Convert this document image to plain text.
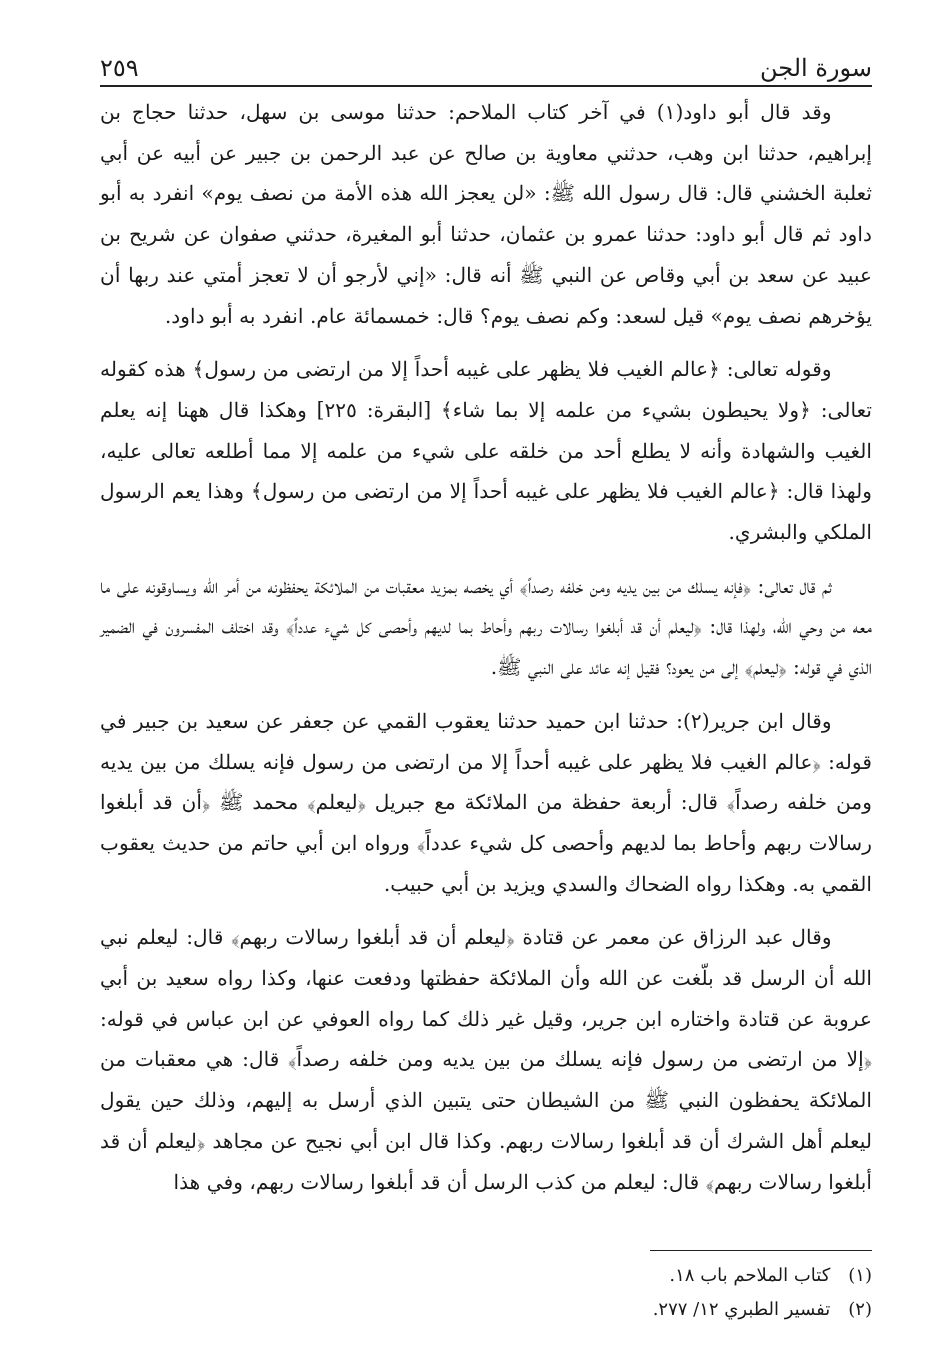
سورة الجن
٢٥٩

وقد قال أبو داود(١) في آخر كتاب الملاحم: حدثنا موسى بن سهل، حدثنا حجاج بن إبراهيم، حدثنا ابن وهب، حدثني معاوية بن صالح عن عبد الرحمن بن جبير عن أبيه عن أبي ثعلبة الخشني قال: قال رسول الله ﷺ: «لن يعجز الله هذه الأمة من نصف يوم» انفرد به أبو داود ثم قال أبو داود: حدثنا عمرو بن عثمان، حدثنا أبو المغيرة، حدثني صفوان عن شريح بن عبيد عن سعد بن أبي وقاص عن النبي ﷺ أنه قال: «إني لأرجو أن لا تعجز أمتي عند ربها أن يؤخرهم نصف يوم» قيل لسعد: وكم نصف يوم؟ قال: خمسمائة عام. انفرد به أبو داود.

وقوله تعالى: ﴿عالم الغيب فلا يظهر على غيبه أحداً إلا من ارتضى من رسول﴾ هذه كقوله تعالى: ﴿ولا يحيطون بشيء من علمه إلا بما شاء﴾ [البقرة: ٢٢٥] وهكذا قال ههنا إنه يعلم الغيب والشهادة وأنه لا يطلع أحد من خلقه على شيء من علمه إلا مما أطلعه تعالى عليه، ولهذا قال: ﴿عالم الغيب فلا يظهر على غيبه أحداً إلا من ارتضى من رسول﴾ وهذا يعم الرسول الملكي والبشري.

ثم قال تعالى: ﴿فإنه يسلك من بين يديه ومن خلفه رصداً﴾ أي يخصه بمزيد معقبات من الملائكة يحفظونه من أمر الله ويساوقونه على ما معه من وحي الله، ولهذا قال: ﴿ليعلم أن قد أبلغوا رسالات ربهم وأحاط بما لديهم وأحصى كل شيء عدداً﴾ وقد اختلف المفسرون في الضمير الذي في قوله: ﴿ليعلم﴾ إلى من يعود؟ فقيل إنه عائد على النبي ﷺ.

وقال ابن جرير(٢): حدثنا ابن حميد حدثنا يعقوب القمي عن جعفر عن سعيد بن جبير في قوله: ﴿عالم الغيب فلا يظهر على غيبه أحداً إلا من ارتضى من رسول فإنه يسلك من بين يديه ومن خلفه رصداً﴾ قال: أربعة حفظة من الملائكة مع جبريل ﴿ليعلم﴾ محمد ﷺ ﴿أن قد أبلغوا رسالات ربهم وأحاط بما لديهم وأحصى كل شيء عدداً﴾ ورواه ابن أبي حاتم من حديث يعقوب القمي به. وهكذا رواه الضحاك والسدي ويزيد بن أبي حبيب.

وقال عبد الرزاق عن معمر عن قتادة ﴿ليعلم أن قد أبلغوا رسالات ربهم﴾ قال: ليعلم نبي الله أن الرسل قد بلّغت عن الله وأن الملائكة حفظتها ودفعت عنها، وكذا رواه سعيد بن أبي عروبة عن قتادة واختاره ابن جرير، وقيل غير ذلك كما رواه العوفي عن ابن عباس في قوله: ﴿إلا من ارتضى من رسول فإنه يسلك من بين يديه ومن خلفه رصداً﴾ قال: هي معقبات من الملائكة يحفظون النبي ﷺ من الشيطان حتى يتبين الذي أرسل به إليهم، وذلك حين يقول ليعلم أهل الشرك أن قد أبلغوا رسالات ربهم. وكذا قال ابن أبي نجيح عن مجاهد ﴿ليعلم أن قد أبلغوا رسالات ربهم﴾ قال: ليعلم من كذب الرسل أن قد أبلغوا رسالات ربهم، وفي هذا

(١)كتاب الملاحم باب ١٨.
(٢)تفسير الطبري ١٢/ ٢٧٧.
